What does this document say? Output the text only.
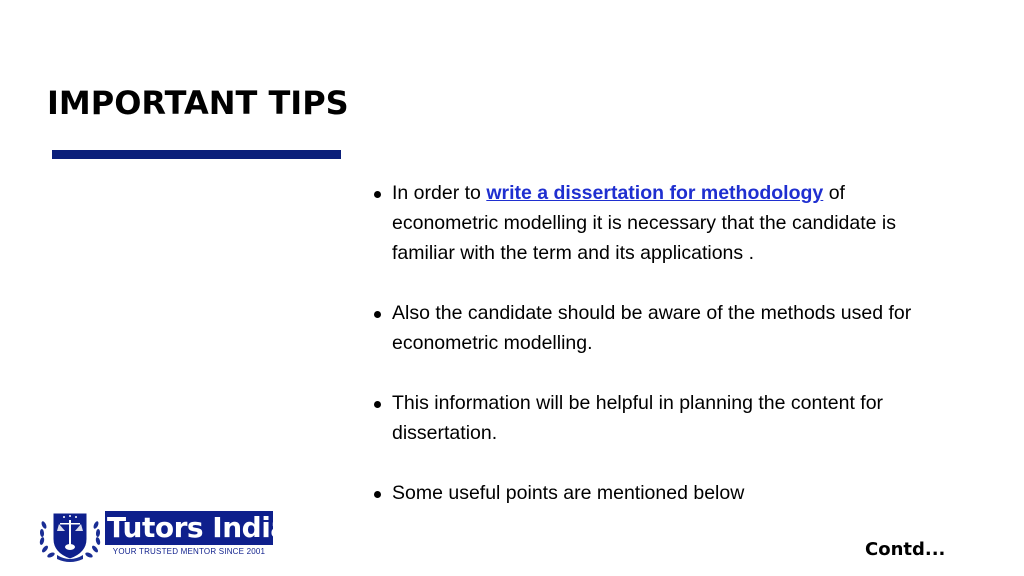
IMPORTANT TIPS
In order to write a dissertation for methodology of econometric modelling it is necessary that the candidate is familiar with the term and its applications .
Also the candidate should be aware of the methods used for econometric modelling.
This information will be helpful in planning the content for dissertation.
Some useful points are mentioned below
Tutors India
YOUR TRUSTED MENTOR SINCE 2001	Contd...
